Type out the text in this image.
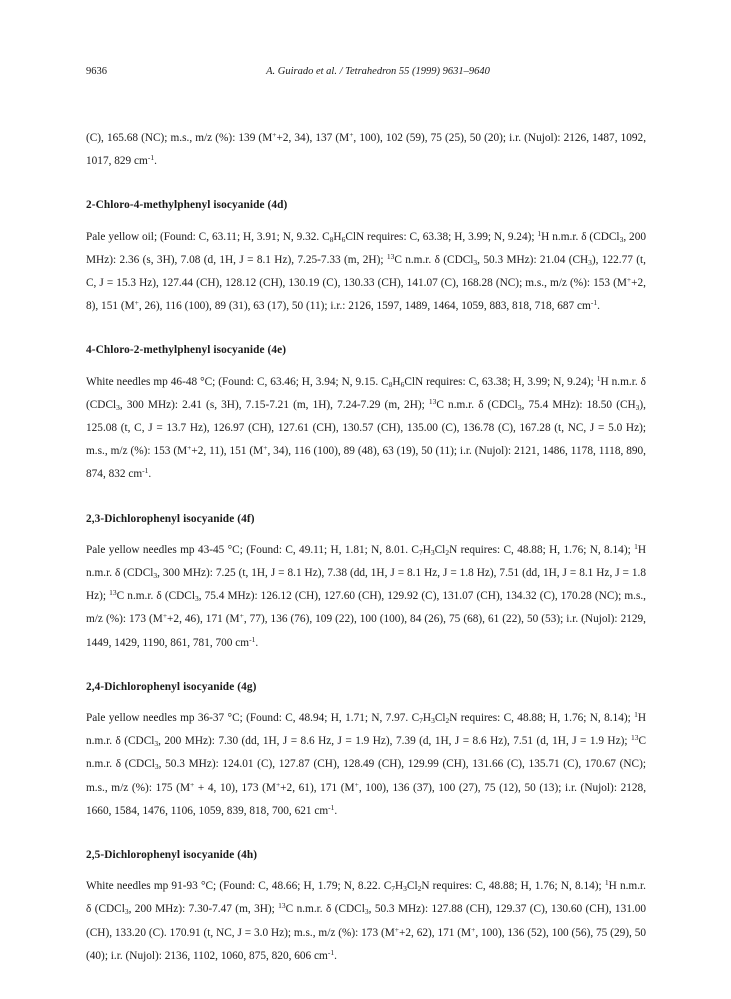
9636	A. Guirado et al. / Tetrahedron 55 (1999) 9631–9640

(C), 165.68 (NC); m.s., m/z (%): 139 (M++2, 34), 137 (M+, 100), 102 (59), 75 (25), 50 (20); i.r. (Nujol): 2126, 1487, 1092, 1017, 829 $cm^{-1}$.

2-Chloro-4-methylphenyl isocyanide (4d)

Pale yellow oil; (Found: C, 63.11; H, 3.91; N, 9.32. $C_8H_6ClN$ requires: C, 63.38; H, 3.99; N, 9.24); $^1$H n.m.r. δ (CDCl$_3$, 200 MHz): 2.36 (s, 3H), 7.08 (d, 1H, J = 8.1 Hz), 7.25-7.33 (m, 2H); $^{13}$C n.m.r. δ (CDCl$_3$, 50.3 MHz): 21.04 $(CH_3)$, 122.77 (t, C, J = 15.3 Hz), 127.44 (CH), 128.12 (CH), 130.19 (C), 130.33 (CH), 141.07 (C), 168.28 (NC); m.s., m/z (%): 153 (M++2, 8), 151 (M+, 26), 116 (100), 89 (31), 63 (17), 50 (11); i.r.: 2126, 1597, 1489, 1464, 1059, 883, 818, 718, 687 $cm^{-1}$.

4-Chloro-2-methylphenyl isocyanide (4e)

White needles mp 46-48 °C; (Found: C, 63.46; H, 3.94; N, 9.15. $C_8H_6ClN$ requires: C, 63.38; H, 3.99; N, 9.24); $^1$H n.m.r. δ (CDCl$_3$, 300 MHz): 2.41 (s, 3H), 7.15-7.21 (m, 1H), 7.24-7.29 (m, 2H); $^{13}$C n.m.r. δ (CDCl$_3$, 75.4 MHz): 18.50 $(CH_3)$, 125.08 (t, C, J = 13.7 Hz), 126.97 (CH), 127.61 (CH), 130.57 (CH), 135.00 (C), 136.78 (C), 167.28 (t, NC, J = 5.0 Hz); m.s., m/z (%): 153 (M++2, 11), 151 (M+, 34), 116 (100), 89 (48), 63 (19), 50 (11); i.r. (Nujol): 2121, 1486, 1178, 1118, 890, 874, 832 $cm^{-1}$.

2,3-Dichlorophenyl isocyanide (4f)

Pale yellow needles mp 43-45 °C; (Found: C, 49.11; H, 1.81; N, 8.01. $C_7H_3Cl_2N$ requires: C, 48.88; H, 1.76; N, 8.14); $^1$H n.m.r. δ (CDCl$_3$, 300 MHz): 7.25 (t, 1H, J = 8.1 Hz), 7.38 (dd, 1H, J = 8.1 Hz, J = 1.8 Hz), 7.51 (dd, 1H, J = 8.1 Hz, J = 1.8 Hz); $^{13}$C n.m.r. δ (CDCl$_3$, 75.4 MHz): 126.12 (CH), 127.60 (CH), 129.92 (C), 131.07 (CH), 134.32 (C), 170.28 (NC); m.s., m/z (%): 173 (M++2, 46), 171 (M+, 77), 136 (76), 109 (22), 100 (100), 84 (26), 75 (68), 61 (22), 50 (53); i.r. (Nujol): 2129, 1449, 1429, 1190, 861, 781, 700 $cm^{-1}$.

2,4-Dichlorophenyl isocyanide (4g)

Pale yellow needles mp 36-37 °C; (Found: C, 48.94; H, 1.71; N, 7.97. $C_7H_3Cl_2N$ requires: C, 48.88; H, 1.76; N, 8.14); $^1$H n.m.r. δ (CDCl$_3$, 200 MHz): 7.30 (dd, 1H, J = 8.6 Hz, J = 1.9 Hz), 7.39 (d, 1H, J = 8.6 Hz), 7.51 (d, 1H, J = 1.9 Hz); $^{13}$C n.m.r. δ (CDCl$_3$, 50.3 MHz): 124.01 (C), 127.87 (CH), 128.49 (CH), 129.99 (CH), 131.66 (C), 135.71 (C), 170.67 (NC); m.s., m/z (%): 175 (M+ + 4, 10), 173 (M++2, 61), 171 (M+, 100), 136 (37), 100 (27), 75 (12), 50 (13); i.r. (Nujol): 2128, 1660, 1584, 1476, 1106, 1059, 839, 818, 700, 621 $cm^{-1}$.

2,5-Dichlorophenyl isocyanide (4h)

White needles mp 91-93 °C; (Found: C, 48.66; H, 1.79; N, 8.22. $C_7H_3Cl_2N$ requires: C, 48.88; H, 1.76; N, 8.14); $^1$H n.m.r. δ (CDCl$_3$, 200 MHz): 7.30-7.47 (m, 3H); $^{13}$C n.m.r. δ (CDCl$_3$, 50.3 MHz): 127.88 (CH), 129.37 (C), 130.60 (CH), 131.00 (CH), 133.20 (C). 170.91 (t, NC, J = 3.0 Hz); m.s., m/z (%): 173 (M++2, 62), 171 (M+, 100), 136 (52), 100 (56), 75 (29), 50 (40); i.r. (Nujol): 2136, 1102, 1060, 875, 820, 606 $cm^{-1}$.
